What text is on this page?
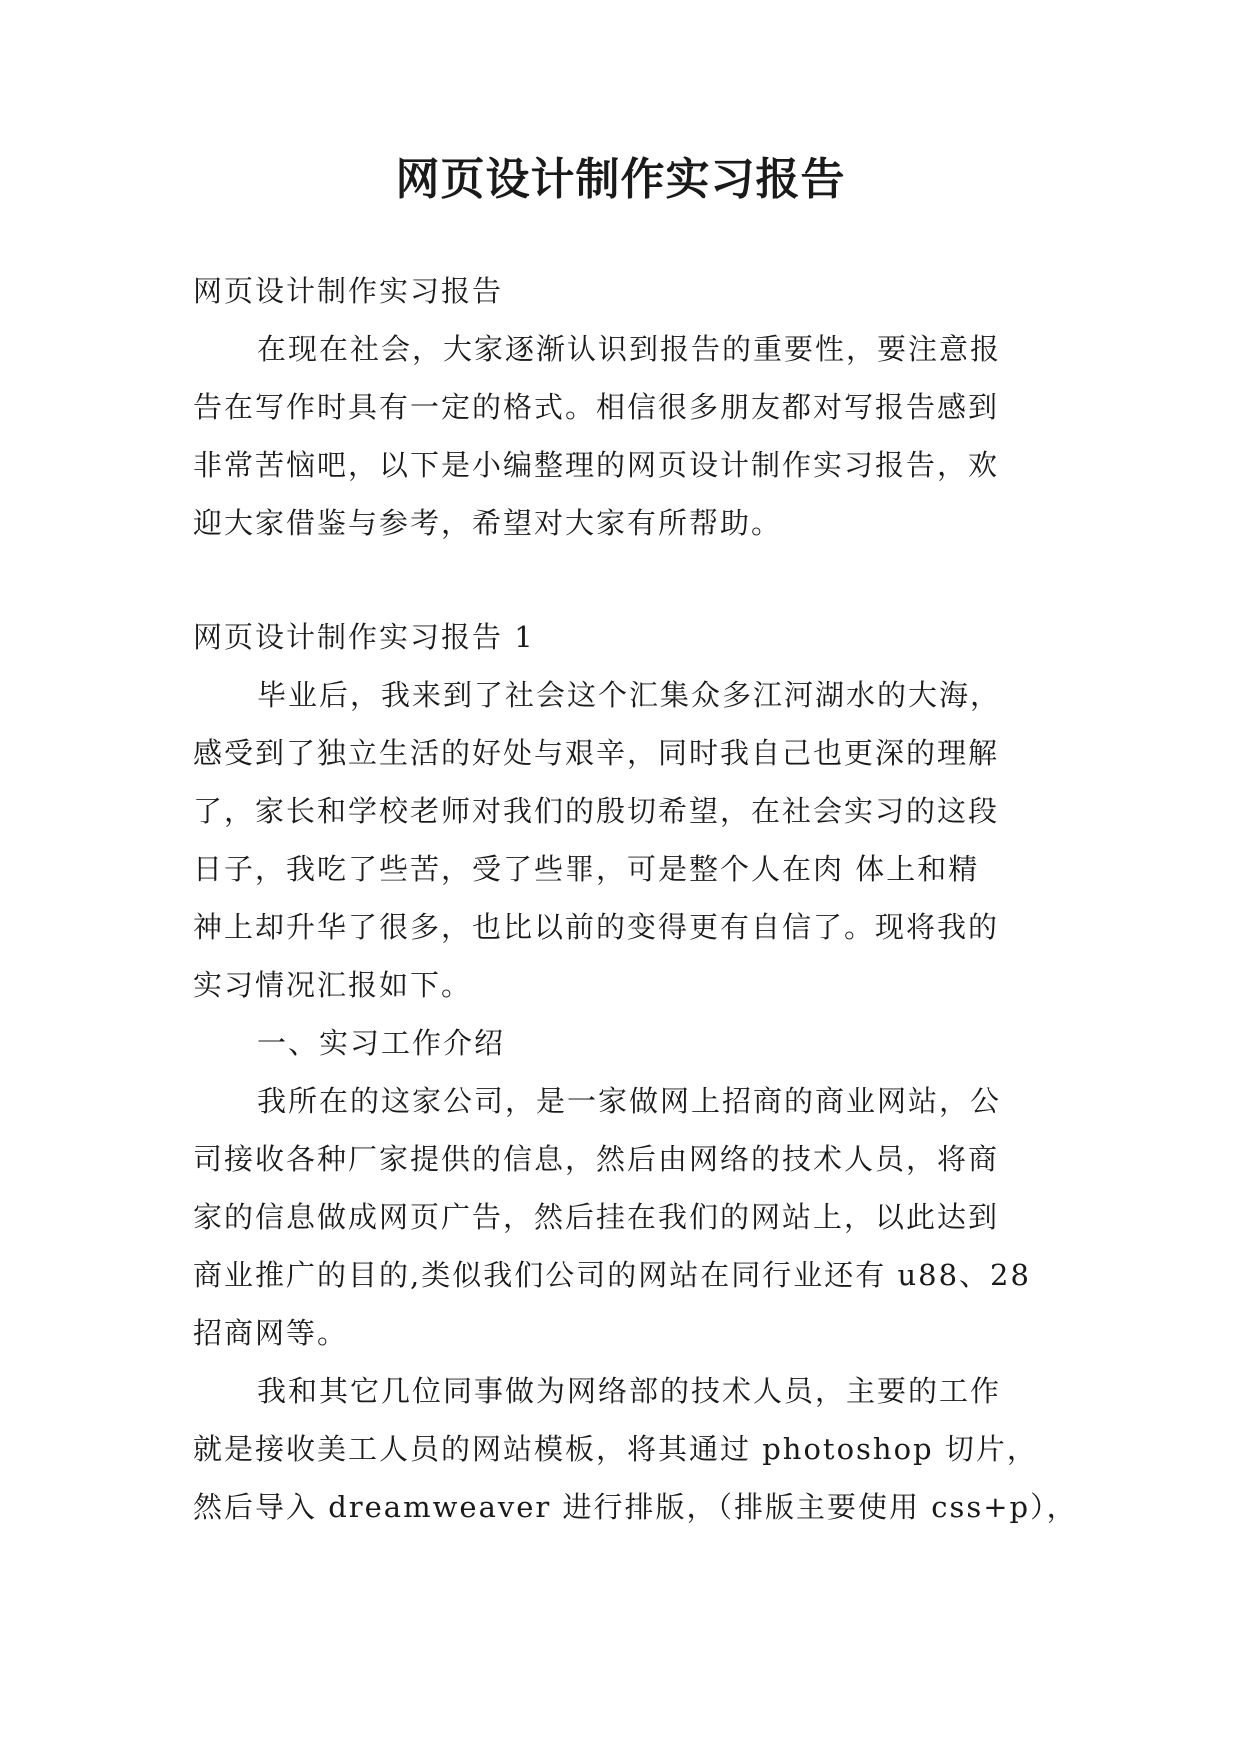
网页设计制作实习报告

网页设计制作实习报告

在现在社会，大家逐渐认识到报告的重要性，要注意报
告在写作时具有一定的格式。相信很多朋友都对写报告感到
非常苦恼吧，以下是小编整理的网页设计制作实习报告，欢
迎大家借鉴与参考，希望对大家有所帮助。

网页设计制作实习报告 1

毕业后，我来到了社会这个汇集众多江河湖水的大海，
感受到了独立生活的好处与艰辛，同时我自己也更深的理解
了，家长和学校老师对我们的殷切希望，在社会实习的这段
日子，我吃了些苦，受了些罪，可是整个人在肉 体上和精
神上却升华了很多，也比以前的变得更有自信了。现将我的
实习情况汇报如下。

一、实习工作介绍

我所在的这家公司，是一家做网上招商的商业网站，公
司接收各种厂家提供的信息，然后由网络的技术人员，将商
家的信息做成网页广告，然后挂在我们的网站上，以此达到
商业推广的目的,类似我们公司的网站在同行业还有 u88、28
招商网等。

我和其它几位同事做为网络部的技术人员，主要的工作
就是接收美工人员的网站模板，将其通过 photoshop 切片，
然后导入 dreamweaver 进行排版，（排版主要使用 css+p），
